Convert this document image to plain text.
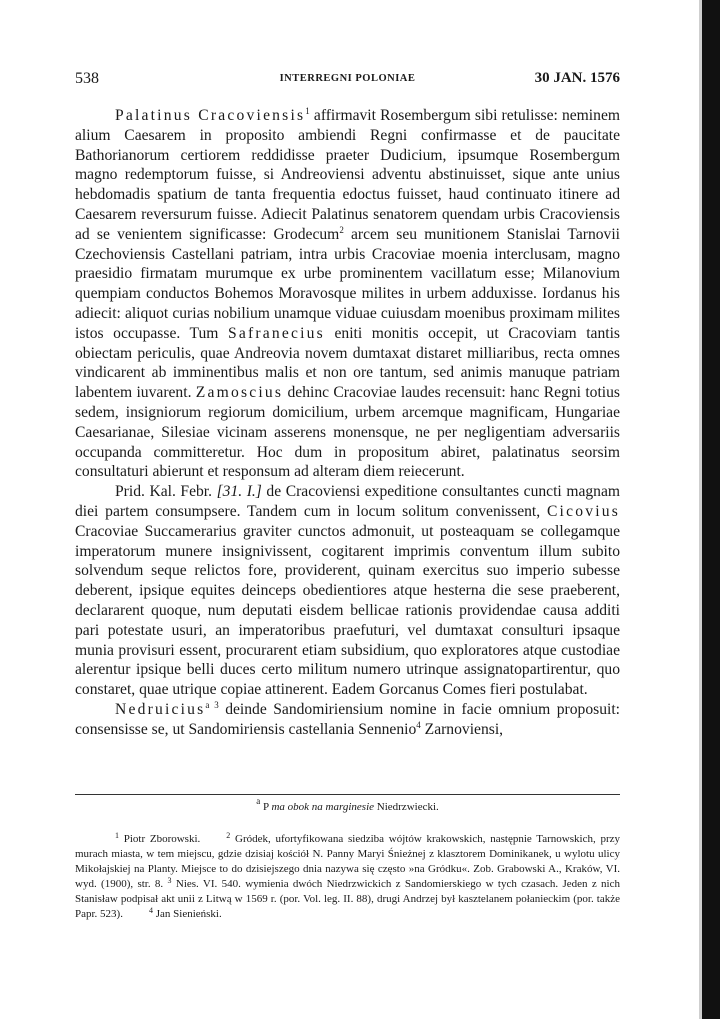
538	INTERREGNI POLONIAE	30 JAN. 1576

Palatinus Cracoviensis$^1$ affirmavit Rosembergum sibi retulisse: neminem alium Caesarem in proposito ambiendi Regni confirmasse et de paucitate Bathorianorum certiorem reddidisse praeter Dudicium, ipsumque Rosembergum magno redemptorum fuisse, si Andreoviensi adventu abstinuisset, sique ante unius hebdomadis spatium de tanta frequentia edoctus fuisset, haud continuato itinere ad Caesarem reversurum fuisse. Adiecit Palatinus senatorem quendam urbis Cracoviensis ad se venientem significasse: Grodecum$^2$ arcem seu munitionem Stanislai Tarnovii Czechoviensis Castellani patriam, intra urbis Cracoviae moenia interclusam, magno praesidio firmatam murumque ex urbe prominentem vacillatum esse; Milanovium quempiam conductos Bohemos Moravosque milites in urbem adduxisse. Iordanus his adiecit: aliquot curias nobilium unamque viduae cuiusdam moenibus proximam milites istos occupasse. Tum Safranecius eniti monitis occepit, ut Cracoviam tantis obiectam periculis, quae Andreovia novem dumtaxat distaret milliaribus, recta omnes vindicarent ab imminentibus malis et non ore tantum, sed animis manuque patriam labentem iuvarent. Zamoscius dehinc Cracoviae laudes recensuit: hanc Regni totius sedem, insigniorum regiorum domicilium, urbem arcemque magnificam, Hungariae Caesarianae, Silesiae vicinam asserens monensque, ne per negligentiam adversariis occupanda committeretur. Hoc dum in propositum abiret, palatinatus seorsim consultaturi abierunt et responsum ad alteram diem reiecerunt.

Prid. Kal. Febr. [31. I.] de Cracoviensi expeditione consultantes cuncti magnam diei partem consumpsere. Tandem cum in locum solitum convenissent, Cicovius Cracoviae Succamerarius graviter cunctos admonuit, ut posteaquam se collegamque imperatorum munere insignivissent, cogitarent imprimis conventum illum subito solvendum seque relictos fore, providerent, quinam exercitus suo imperio subesse deberent, ipsique equites deinceps obedientiores atque hesterna die sese praeberent, declararent quoque, num deputati eisdem bellicae rationis providendae causa additi pari potestate usuri, an imperatoribus praefuturi, vel dumtaxat consulturi ipsaque munia provisuri essent, procurarent etiam subsidium, quo exploratores atque custodiae alerentur ipsique belli duces certo militum numero utrinque assignatopartirentur, quo constaret, quae utrique copiae attinerent. Eadem Gorcanus Comes fieri postulabat.

Nedruicius$^{a 3}$ deinde Sandomiriensium nomine in facie omnium proposuit: consensisse se, ut Sandomiriensis castellania Sennenio$^4$ Zarnoviensi,

$^a$ P ma obok na marginesie Niedrzwiecki.

$^1$ Piotr Zborowski.	$^2$ Gródek, ufortyfikowana siedziba wójtów krakowskich, następnie Tarnowskich, przy murach miasta, w tem miejscu, gdzie dzisiaj kościół N. Panny Maryi Śnieżnej z klasztorem Dominikanek, u wylotu ulicy Mikołajskiej na Planty. Miejsce to do dzisiejszego dnia nazywa się często »na Gródku«. Zob. Grabowski A., Kraków, VI. wyd. (1900), str. 8. $^3$ Nies. VI. 540. wymienia dwóch Niedrzwickich z Sandomierskiego w tych czasach. Jeden z nich Stanisław podpisał akt unii z Litwą w 1569 r. (por. Vol. leg. II. 88), drugi Andrzej był kasztelanem połanieckim (por. także Papr. 523).	$^4$ Jan Sienieński.
